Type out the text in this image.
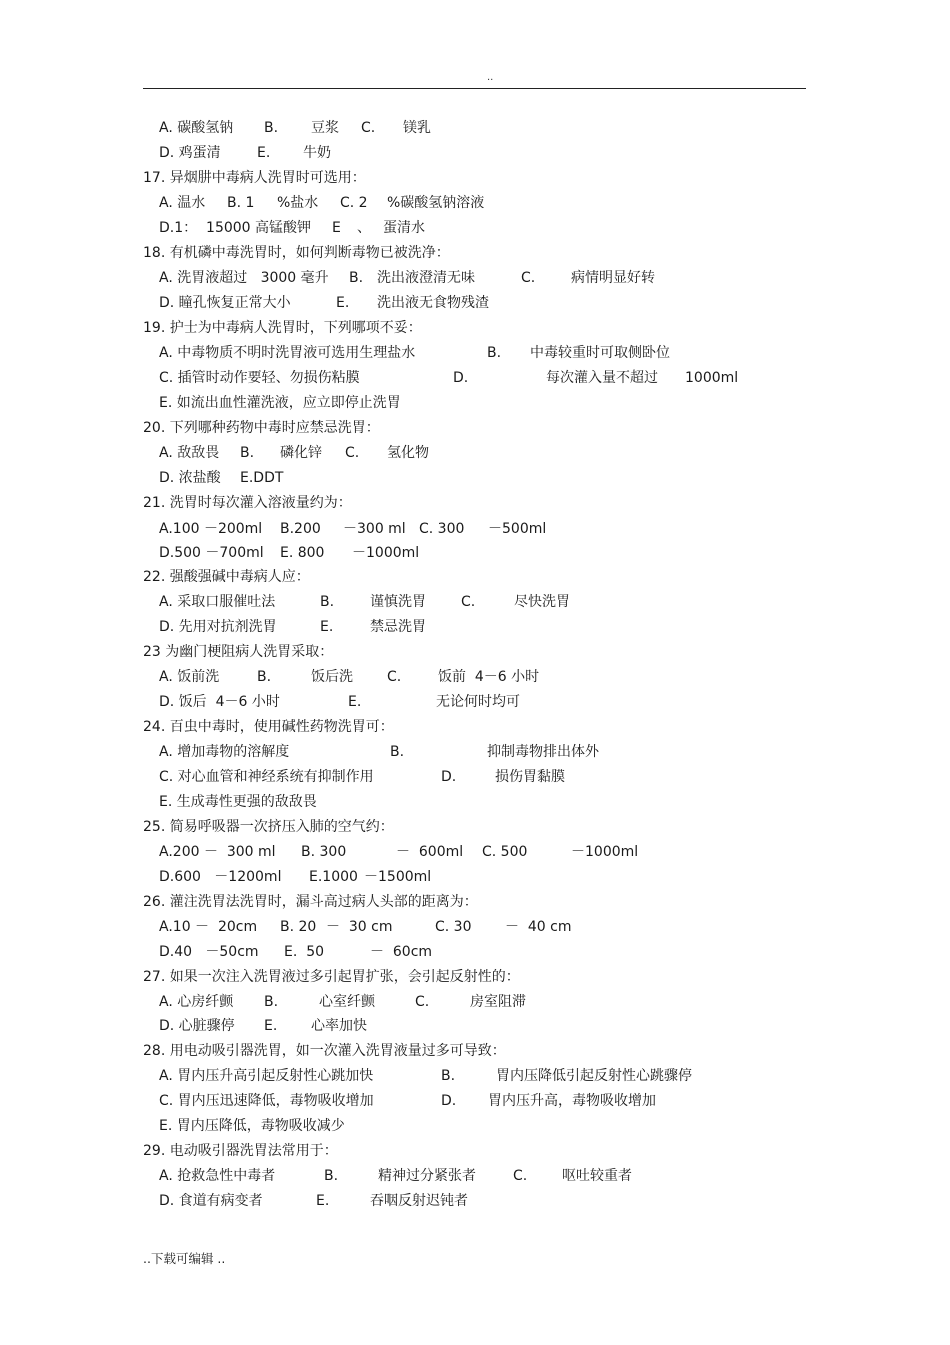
..

A. 碳酸氢钠

B.

豆浆

C.

镁乳

D. 鸡蛋清

	E.

牛奶

17. 异烟肼中毒病人洗胃时可选用：

A. 温水

B. 1

%盐水

C. 2

%碳酸氢钠溶液

D.1：  15000 高锰酸钾

E

、

蛋清水

18. 有机磷中毒洗胃时，如何判断毒物已被洗净：

A. 洗胃液超过   3000 毫升

B.

洗出液澄清无味

	C.

	病情明显好转

D. 瞳孔恢复正常大小

	E.

洗出液无食物残渣

19. 护士为中毒病人洗胃时，下列哪项不妥：

A. 中毒物质不明时洗胃液可选用生理盐水

	B.

中毒较重时可取侧卧位

C. 插管时动作要轻、勿损伤粘膜

	D.

	每次灌入量不超过

1000ml

E. 如流出血性灌洗液，应立即停止洗胃

20. 下列哪种药物中毒时应禁忌洗胃：

A. 敌敌畏

B.

磷化锌

C.

氢化物

D. 浓盐酸

E.DDT

21. 洗胃时每次灌入溶液量约为：

A.100 －200ml

B.200

－300 ml

C. 300

－500ml

D.500 －700ml

E. 800

－1000ml

22. 强酸强碱中毒病人应：

A. 采取口服催吐法

	B.

	谨慎洗胃

	C.

	尽快洗胃

D. 先用对抗剂洗胃

	E.

	禁忌洗胃

23 为幽门梗阻病人洗胃采取：

A. 饭前洗

	B.

	饭后洗

C.

	饭前  4－6 小时

D. 饭后  4－6 小时

	E.

	无论何时均可

24. 百虫中毒时，使用碱性药物洗胃可：

A. 增加毒物的溶解度

	B.

	抑制毒物排出体外

C. 对心血管和神经系统有抑制作用

	D.

	损伤胃黏膜

E. 生成毒性更强的敌敌畏

25. 简易呼吸器一次挤压入肺的空气约：

A.200 －  300 ml

B. 300

	－  600ml

C. 500

	－1000ml

D.600   －1200ml

E.1000

－1500ml

26. 灌注洗胃法洗胃时，漏斗高过病人头部的距离为：

A.10 －  20cm

B. 20

－  30 cm

	C. 30

－  40 cm

D.40   －50cm

E.  50

	－  60cm

27. 如果一次注入洗胃液过多引起胃扩张，会引起反射性的：

A. 心房纤颤

B.

	心室纤颤

	C.

	房室阻滞

D. 心脏骤停

E.

心率加快

28. 用电动吸引器洗胃，如一次灌入洗胃液量过多可导致：

A. 胃内压升高引起反射性心跳加快

	B.

	胃内压降低引起反射性心跳骤停

C. 胃内压迅速降低，毒物吸收增加

	D.

胃内压升高，毒物吸收增加

E. 胃内压降低，毒物吸收减少

29. 电动吸引器洗胃法常用于：

A. 抢救急性中毒者

	B.

	精神过分紧张者

	C.

呕吐较重者

D. 食道有病变者

	E.

	吞咽反射迟钝者

..下载可编辑 ..
